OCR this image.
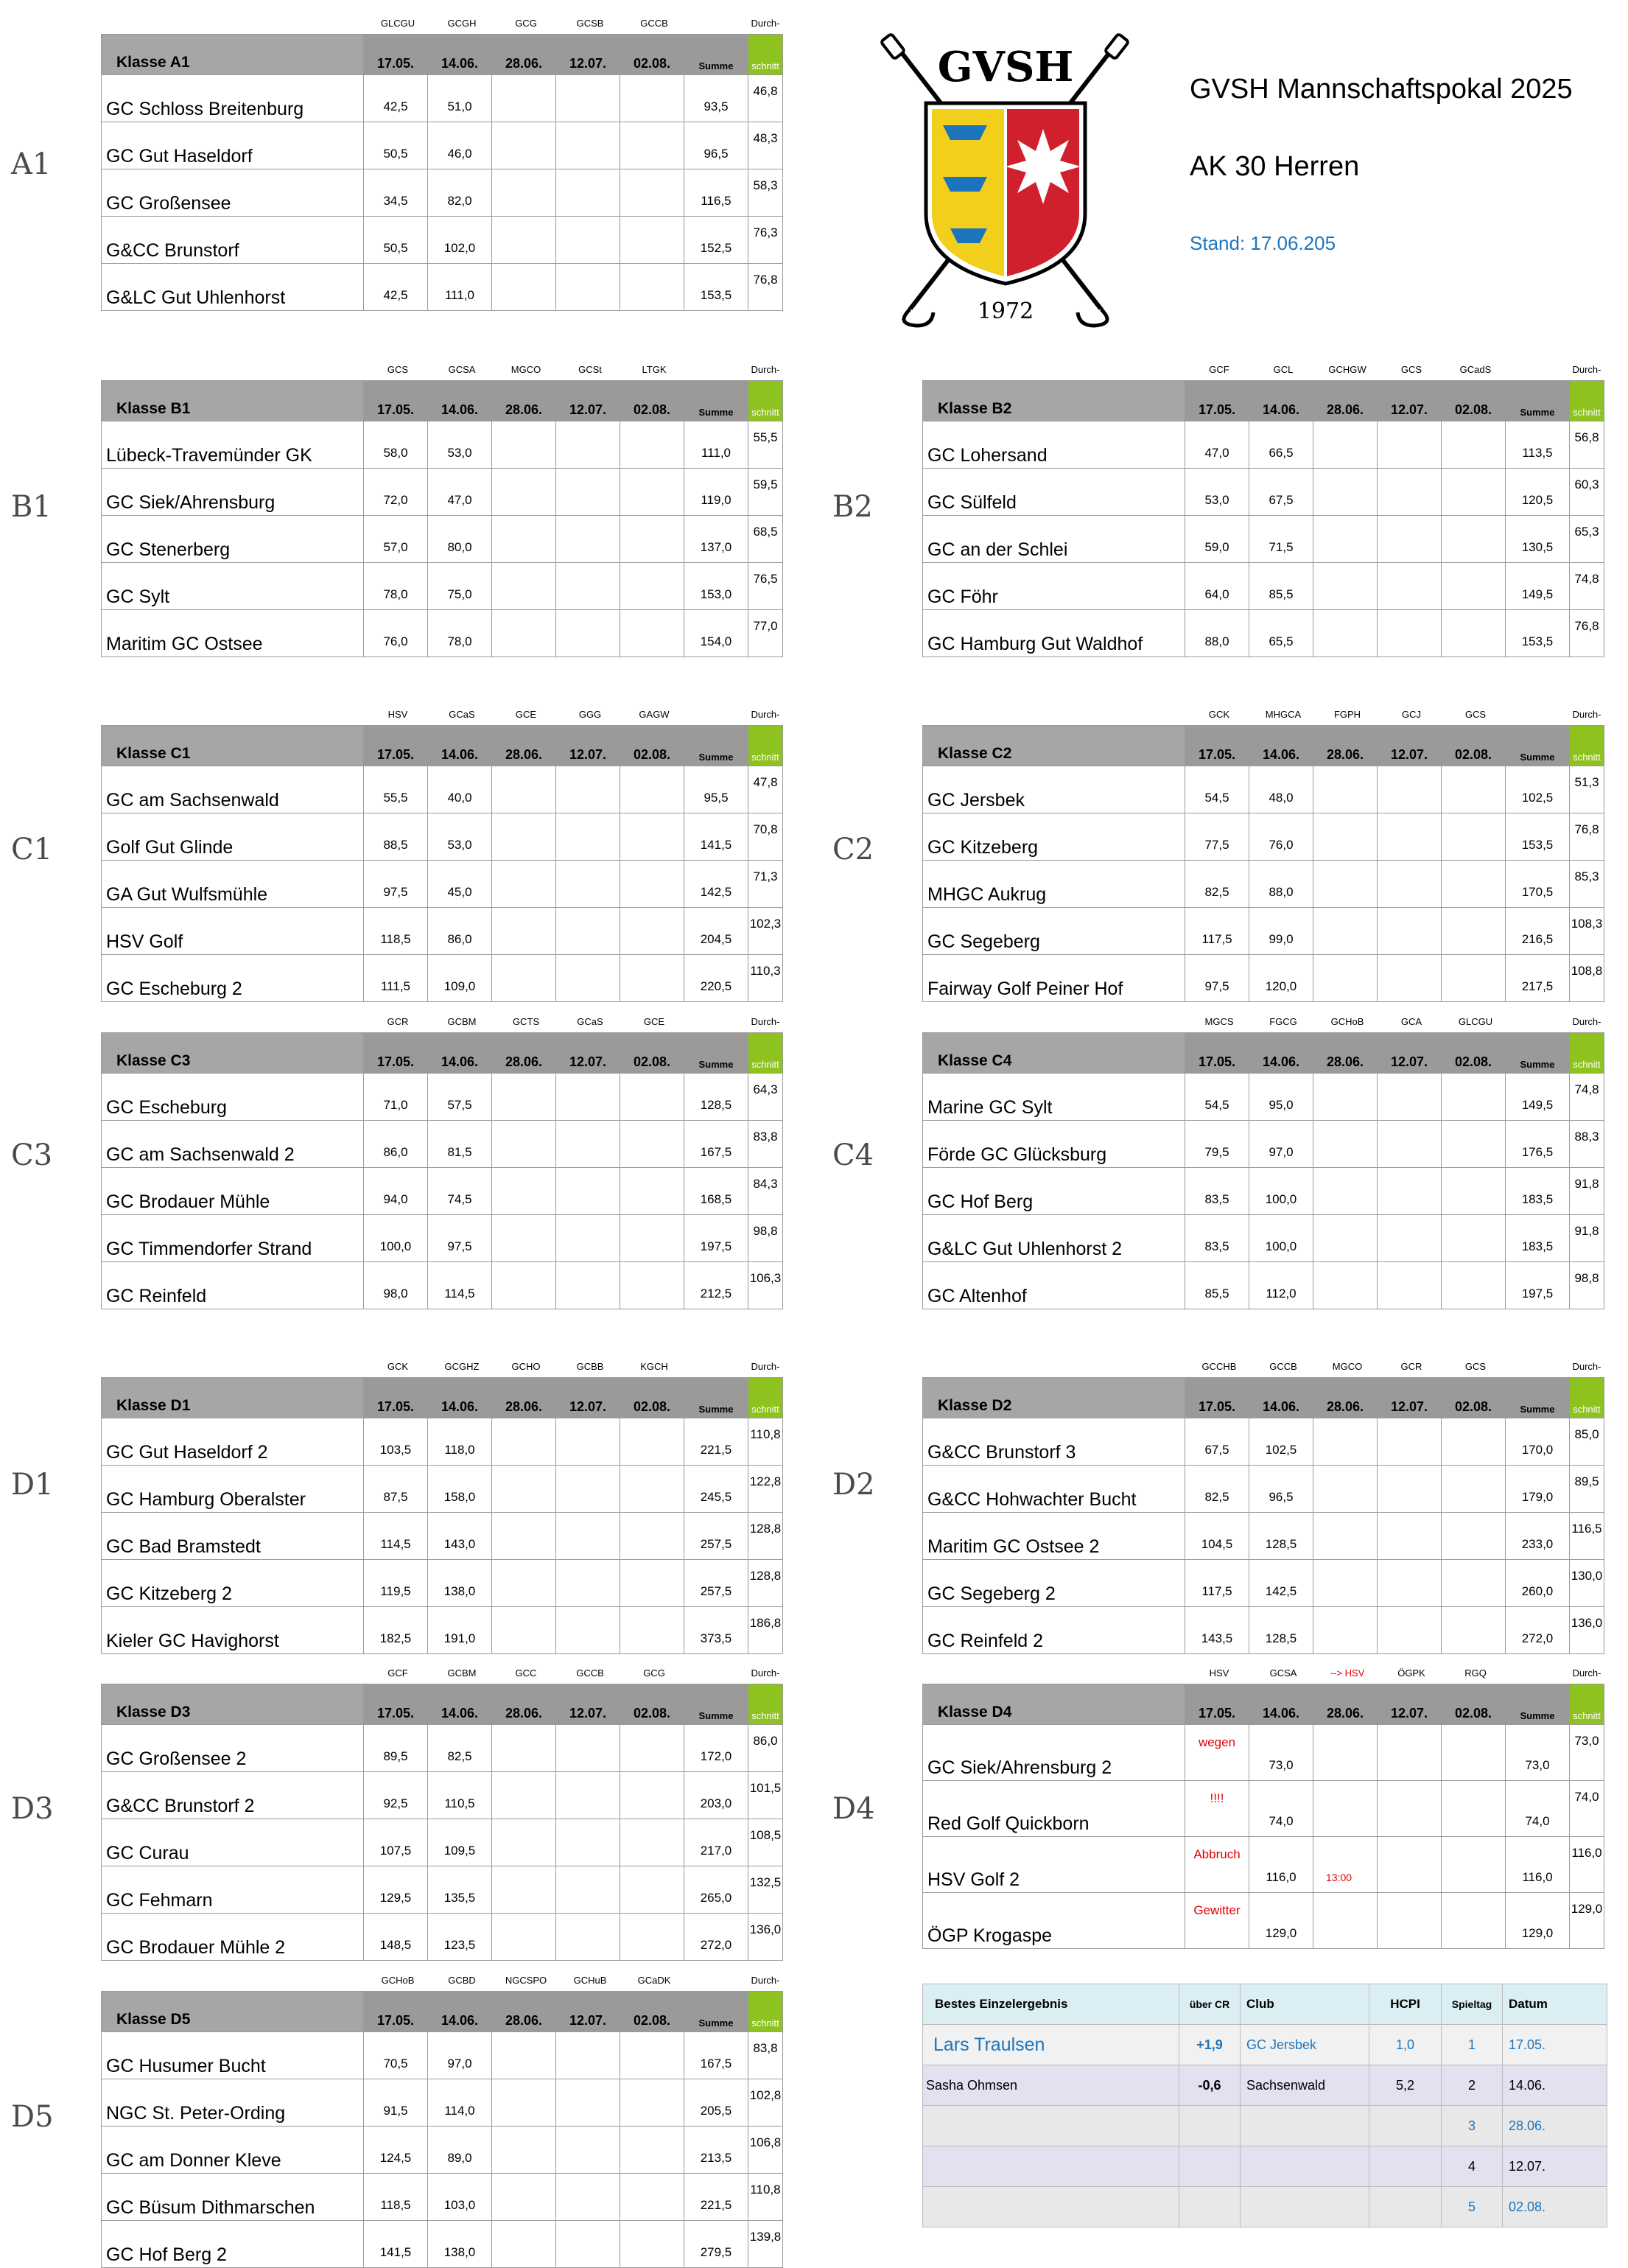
GVSH Mannschaftspokal 2025
AK 30 Herren
Stand: 17.06.205
GVSH
1972
A1
GLCGU	GCGH	GCG	GCSB	GCCB	Durch-
Klasse A1	17.05.	14.06.	28.06.	12.07.	02.08.	Summe	schnitt
GC Schloss Breitenburg	42,5	51,0				93,5	46,8
GC Gut Haseldorf	50,5	46,0				96,5	48,3
GC Großensee	34,5	82,0				116,5	58,3
G&CC Brunstorf	50,5	102,0				152,5	76,3
G&LC Gut Uhlenhorst	42,5	111,0				153,5	76,8
B1
GCS	GCSA	MGCO	GCSt	LTGK	Durch-
Klasse B1	17.05.	14.06.	28.06.	12.07.	02.08.	Summe	schnitt
Lübeck-Travemünder GK	58,0	53,0				111,0	55,5
GC Siek/Ahrensburg	72,0	47,0				119,0	59,5
GC Stenerberg	57,0	80,0				137,0	68,5
GC Sylt	78,0	75,0				153,0	76,5
Maritim GC Ostsee	76,0	78,0				154,0	77,0
B2
GCF	GCL	GCHGW	GCS	GCadS	Durch-
Klasse B2	17.05.	14.06.	28.06.	12.07.	02.08.	Summe	schnitt
GC Lohersand	47,0	66,5				113,5	56,8
GC Sülfeld	53,0	67,5				120,5	60,3
GC an der Schlei	59,0	71,5				130,5	65,3
GC Föhr	64,0	85,5				149,5	74,8
GC Hamburg Gut Waldhof	88,0	65,5				153,5	76,8
C1
HSV	GCaS	GCE	GGG	GAGW	Durch-
Klasse C1	17.05.	14.06.	28.06.	12.07.	02.08.	Summe	schnitt
GC am Sachsenwald	55,5	40,0				95,5	47,8
Golf Gut Glinde	88,5	53,0				141,5	70,8
GA Gut Wulfsmühle	97,5	45,0				142,5	71,3
HSV Golf	118,5	86,0				204,5	102,3
GC Escheburg 2	111,5	109,0				220,5	110,3
C2
GCK	MHGCA	FGPH	GCJ	GCS	Durch-
Klasse C2	17.05.	14.06.	28.06.	12.07.	02.08.	Summe	schnitt
GC Jersbek	54,5	48,0				102,5	51,3
GC Kitzeberg	77,5	76,0				153,5	76,8
MHGC Aukrug	82,5	88,0				170,5	85,3
GC Segeberg	117,5	99,0				216,5	108,3
Fairway Golf Peiner Hof	97,5	120,0				217,5	108,8
C3
GCR	GCBM	GCTS	GCaS	GCE	Durch-
Klasse C3	17.05.	14.06.	28.06.	12.07.	02.08.	Summe	schnitt
GC Escheburg	71,0	57,5				128,5	64,3
GC am Sachsenwald 2	86,0	81,5				167,5	83,8
GC Brodauer Mühle	94,0	74,5				168,5	84,3
GC Timmendorfer Strand	100,0	97,5				197,5	98,8
GC Reinfeld	98,0	114,5				212,5	106,3
C4
MGCS	FGCG	GCHoB	GCA	GLCGU	Durch-
Klasse C4	17.05.	14.06.	28.06.	12.07.	02.08.	Summe	schnitt
Marine GC Sylt	54,5	95,0				149,5	74,8
Förde GC Glücksburg	79,5	97,0				176,5	88,3
GC Hof Berg	83,5	100,0				183,5	91,8
G&LC Gut Uhlenhorst 2	83,5	100,0				183,5	91,8
GC Altenhof	85,5	112,0				197,5	98,8
D1
GCK	GCGHZ	GCHO	GCBB	KGCH	Durch-
Klasse D1	17.05.	14.06.	28.06.	12.07.	02.08.	Summe	schnitt
GC Gut Haseldorf 2	103,5	118,0				221,5	110,8
GC Hamburg Oberalster	87,5	158,0				245,5	122,8
GC Bad Bramstedt	114,5	143,0				257,5	128,8
GC Kitzeberg 2	119,5	138,0				257,5	128,8
Kieler GC Havighorst	182,5	191,0				373,5	186,8
D2
GCCHB	GCCB	MGCO	GCR	GCS	Durch-
Klasse D2	17.05.	14.06.	28.06.	12.07.	02.08.	Summe	schnitt
G&CC Brunstorf 3	67,5	102,5				170,0	85,0
G&CC Hohwachter Bucht	82,5	96,5				179,0	89,5
Maritim GC Ostsee 2	104,5	128,5				233,0	116,5
GC Segeberg 2	117,5	142,5				260,0	130,0
GC Reinfeld 2	143,5	128,5				272,0	136,0
D3
GCF	GCBM	GCC	GCCB	GCG	Durch-
Klasse D3	17.05.	14.06.	28.06.	12.07.	02.08.	Summe	schnitt
GC Großensee 2	89,5	82,5				172,0	86,0
G&CC Brunstorf 2	92,5	110,5				203,0	101,5
GC Curau	107,5	109,5				217,0	108,5
GC Fehmarn	129,5	135,5				265,0	132,5
GC Brodauer Mühle 2	148,5	123,5				272,0	136,0
D4
HSV	GCSA	--> HSV	ÖGPK	RGQ	Durch-
Klasse D4	17.05.	14.06.	28.06.	12.07.	02.08.	Summe	schnitt
GC Siek/Ahrensburg 2	wegen	73,0				73,0	73,0
Red Golf Quickborn	!!!!	74,0				74,0	74,0
HSV Golf 2	Abbruch	116,0				116,0	116,0
ÖGP Krogaspe	Gewitter	129,0				129,0	129,0
D5
GCHoB	GCBD	NGCSPO	GCHuB	GCaDK	Durch-
Klasse D5	17.05.	14.06.	28.06.	12.07.	02.08.	Summe	schnitt
GC Husumer Bucht	70,5	97,0				167,5	83,8
NGC St. Peter-Ording	91,5	114,0				205,5	102,8
GC am Donner Kleve	124,5	89,0				213,5	106,8
GC Büsum Dithmarschen	118,5	103,0				221,5	110,8
GC Hof Berg 2	141,5	138,0				279,5	139,8
13:00
Bestes Einzelergebnis	über CR	Club	HCPI	Spieltag	Datum
Lars Traulsen	+1,9	GC Jersbek	1,0	1	17.05.
Sasha Ohmsen	-0,6	Sachsenwald	5,2	2	14.06.
				3	28.06.
				4	12.07.
				5	02.08.
